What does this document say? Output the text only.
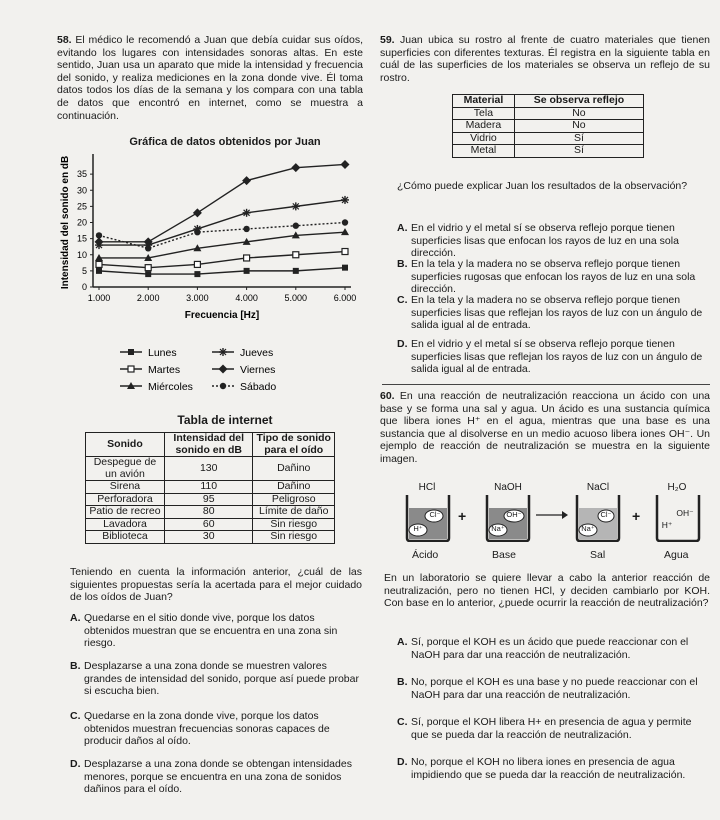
58. El médico le recomendó a Juan que debía cuidar sus oídos, evitando los lugares con intensidades sonoras altas. En este sentido, Juan usa un aparato que mide la intensidad y frecuencia del sonido, y realiza mediciones en la zona donde vive. Él toma datos todos los días de la semana y los compara con una tabla de datos que encontró en internet, como se muestra a continuación.
Gráfica de datos obtenidos por Juan
0
5
10
15
20
25
30
35
1.000	2.000	3.000	4.000	5.000	6.000
Frecuencia [Hz]
Intensidad del sonido en dB
Lunes
Martes
Miércoles
Jueves
Viernes
Sábado
Tabla de internet
Sonido	Intensidad del sonido en dB	Tipo de sonido para el oído
Despegue de un avión	130	Dañino
Sirena	110	Dañino
Perforadora	95	Peligroso
Patio de recreo	80	Límite de daño
Lavadora	60	Sin riesgo
Biblioteca	30	Sin riesgo
Teniendo en cuenta la información anterior, ¿cuál de las siguientes propuestas sería la acertada para el mejor cuidado de los oídos de Juan?
A. Quedarse en el sitio donde vive, porque los datos obtenidos muestran que se encuentra en una zona sin riesgo.
B. Desplazarse a una zona donde se muestren valores grandes de intensidad del sonido, porque así puede probar si escucha bien.
C. Quedarse en la zona donde vive, porque los datos obtenidos muestran frecuencias sonoras capaces de producir daños al oído.
D. Desplazarse a una zona donde se obtengan intensidades menores, porque se encuentra en una zona de sonidos dañinos para el oído.
59. Juan ubica su rostro al frente de cuatro materiales que tienen superficies con diferentes texturas. Él registra en la siguiente tabla en cuál de las superficies de los materiales se observa un reflejo de su rostro.
Material	Se observa reflejo
Tela	No
Madera	No
Vidrio	Sí
Metal	Sí
¿Cómo puede explicar Juan los resultados de la observación?
A. En el vidrio y el metal sí se observa reflejo porque tienen superficies lisas que enfocan los rayos de luz en una sola dirección.
B. En la tela y la madera no se observa reflejo porque tienen superficies rugosas que enfocan los rayos de luz en una sola dirección.
C. En la tela y la madera no se observa reflejo porque tienen superficies lisas que reflejan los rayos de luz con un ángulo de salida igual al de entrada.
D. En el vidrio y el metal sí se observa reflejo porque tienen superficies lisas que reflejan los rayos de luz con un ángulo de salida igual al de entrada.
60. En una reacción de neutralización reacciona un ácido con una base y se forma una sal y agua. Un ácido es una sustancia química que libera iones H⁺ en el agua, mientras que una base es una sustancia que al disolverse en un medio acuoso libera iones OH⁻. Un ejemplo de reacción de neutralización se muestra en la siguiente imagen.
HCl
Cl⁻
H⁺
Ácido
+
NaOH
OH⁻
Na⁺
Base
NaCl
Cl⁻
Na⁺
Sal
+
H₂O
OH⁻
H⁺
Agua
En un laboratorio se quiere llevar a cabo la anterior reacción de neutralización, pero no tienen HCl, y deciden cambiarlo por KOH. Con base en lo anterior, ¿puede ocurrir la reacción de neutralización?
A. Sí, porque el KOH es un ácido que puede reaccionar con el NaOH para dar una reacción de neutralización.
B. No, porque el KOH es una base y no puede reaccionar con el NaOH para dar una reacción de neutralización.
C. Sí, porque el KOH libera H+ en presencia de agua y permite que se pueda dar la reacción de neutralización.
D. No, porque el KOH no libera iones en presencia de agua impidiendo que se pueda dar la reacción de neutralización.
